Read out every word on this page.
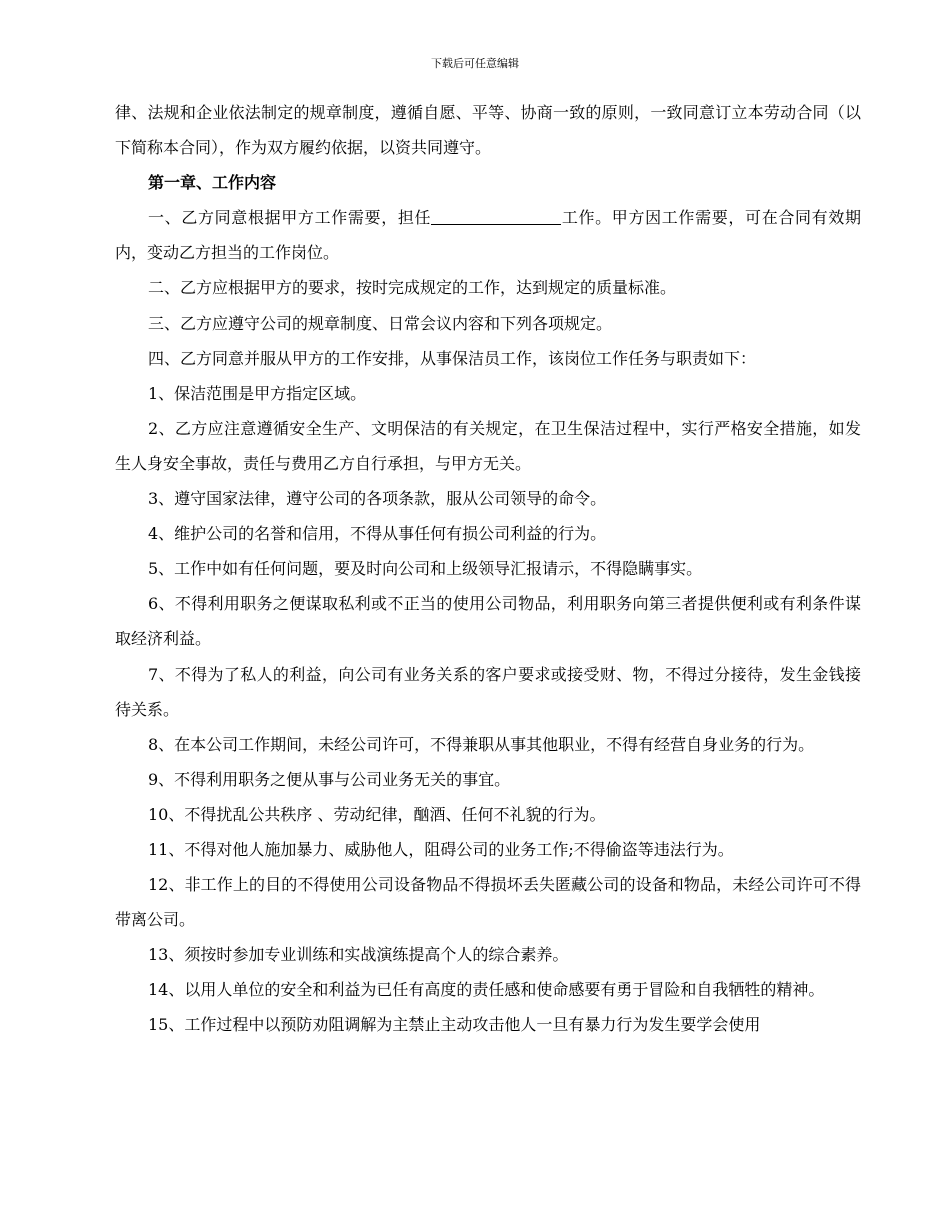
下载后可任意编辑

律、法规和企业依法制定的规章制度，遵循自愿、平等、协商一致的原则，一致同意订立本劳动合同（以下简称本合同），作为双方履约依据，以资共同遵守。

第一章、工作内容

一、乙方同意根据甲方工作需要，担任	工作。甲方因工作需要，可在合同有效期内，变动乙方担当的工作岗位。

二、乙方应根据甲方的要求，按时完成规定的工作，达到规定的质量标准。

三、乙方应遵守公司的规章制度、日常会议内容和下列各项规定。

四、乙方同意并服从甲方的工作安排，从事保洁员工作，该岗位工作任务与职责如下：

1、保洁范围是甲方指定区域。

2、乙方应注意遵循安全生产、文明保洁的有关规定，在卫生保洁过程中，实行严格安全措施，如发生人身安全事故，责任与费用乙方自行承担，与甲方无关。

3、遵守国家法律，遵守公司的各项条款，服从公司领导的命令。

4、维护公司的名誉和信用，不得从事任何有损公司利益的行为。

5、工作中如有任何问题，要及时向公司和上级领导汇报请示，不得隐瞒事实。

6、不得利用职务之便谋取私利或不正当的使用公司物品，利用职务向第三者提供便利或有利条件谋取经济利益。

7、不得为了私人的利益，向公司有业务关系的客户要求或接受财、物，不得过分接待，发生金钱接待关系。

8、在本公司工作期间，未经公司许可，不得兼职从事其他职业，不得有经营自身业务的行为。

9、不得利用职务之便从事与公司业务无关的事宜。

10、不得扰乱公共秩序 、劳动纪律，酗酒、任何不礼貌的行为。

11、不得对他人施加暴力、威胁他人，阻碍公司的业务工作;不得偷盗等违法行为。

12、非工作上的目的不得使用公司设备物品不得损坏丢失匿藏公司的设备和物品，未经公司许可不得带离公司。

13、须按时参加专业训练和实战演练提高个人的综合素养。

14、以用人单位的安全和利益为已任有高度的责任感和使命感要有勇于冒险和自我牺牲的精神。

15、工作过程中以预防劝阻调解为主禁止主动攻击他人一旦有暴力行为发生要学会使用
